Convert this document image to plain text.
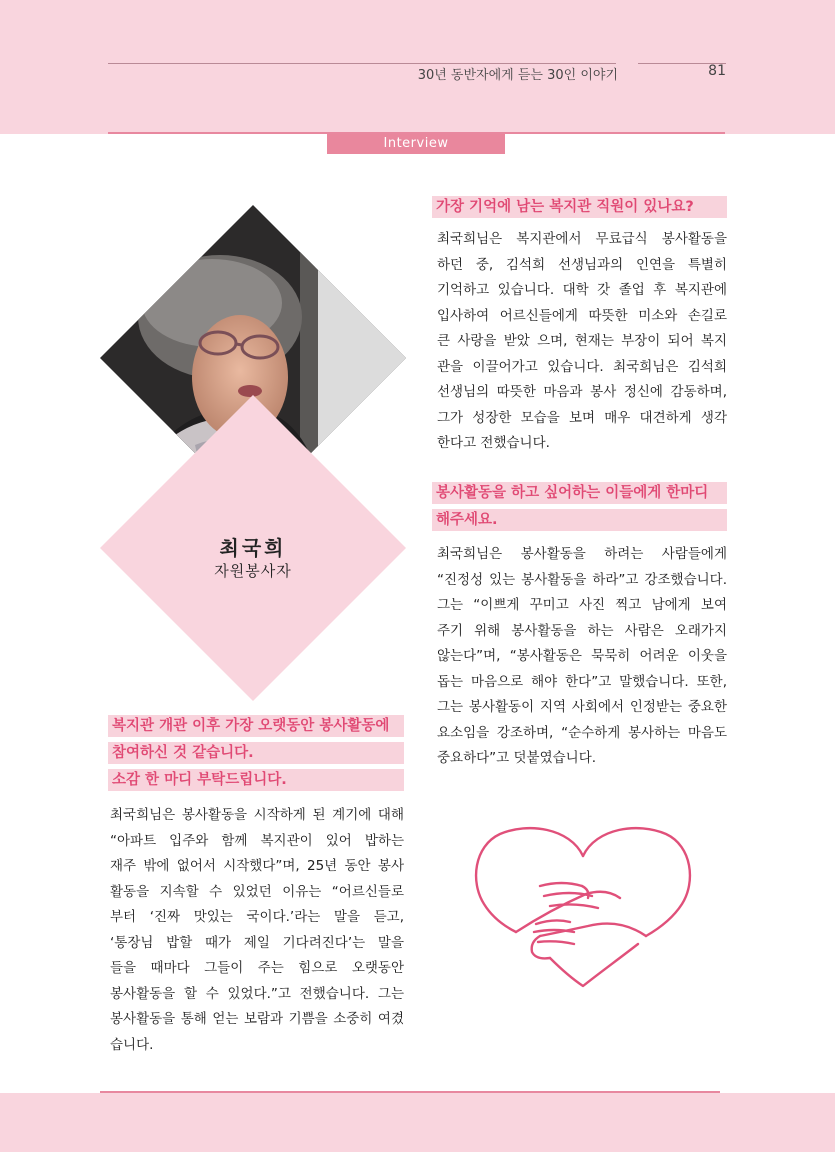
30년 동반자에게 듣는 30인 이야기	81
Interview
최국희
자원봉사자
가장 기억에 남는 복지관 직원이 있나요?
최국희님은 복지관에서 무료급식 봉사활동을
하던 중, 김석희 선생님과의 인연을 특별히
기억하고 있습니다. 대학 갓 졸업 후 복지관에
입사하여 어르신들에게 따뜻한 미소와 손길로
큰 사랑을 받았 으며, 현재는 부장이 되어 복지
관을 이끌어가고 있습니다. 최국희님은 김석희
선생님의 따뜻한 마음과 봉사 정신에 감동하며,
그가 성장한 모습을 보며 매우 대견하게 생각
한다고 전했습니다.
봉사활동을 하고 싶어하는 이들에게 한마디
해주세요.
최국희님은 봉사활동을 하려는 사람들에게
“진정성 있는 봉사활동을 하라”고 강조했습니다.
그는 “이쁘게 꾸미고 사진 찍고 남에게 보여
주기 위해 봉사활동을 하는 사람은 오래가지
않는다”며, “봉사활동은 묵묵히 어려운 이웃을
돕는 마음으로 해야 한다”고 말했습니다. 또한,
그는 봉사활동이 지역 사회에서 인정받는 중요한
요소임을 강조하며, “순수하게 봉사하는 마음도
중요하다”고 덧붙였습니다.
복지관 개관 이후 가장 오랫동안 봉사활동에
참여하신 것 같습니다.
소감 한 마디 부탁드립니다.
최국희님은 봉사활동을 시작하게 된 계기에 대해
“아파트 입주와 함께 복지관이 있어 밥하는
재주 밖에 없어서 시작했다”며, 25년 동안 봉사
활동을 지속할 수 있었던 이유는 “어르신들로
부터 ‘진짜 맛있는 국이다.’라는 말을 듣고,
‘통장님 밥할 때가 제일 기다려진다’는 말을
들을 때마다 그들이 주는 힘으로 오랫동안
봉사활동을 할 수 있었다.”고 전했습니다. 그는
봉사활동을 통해 얻는 보람과 기쁨을 소중히 여겼
습니다.
